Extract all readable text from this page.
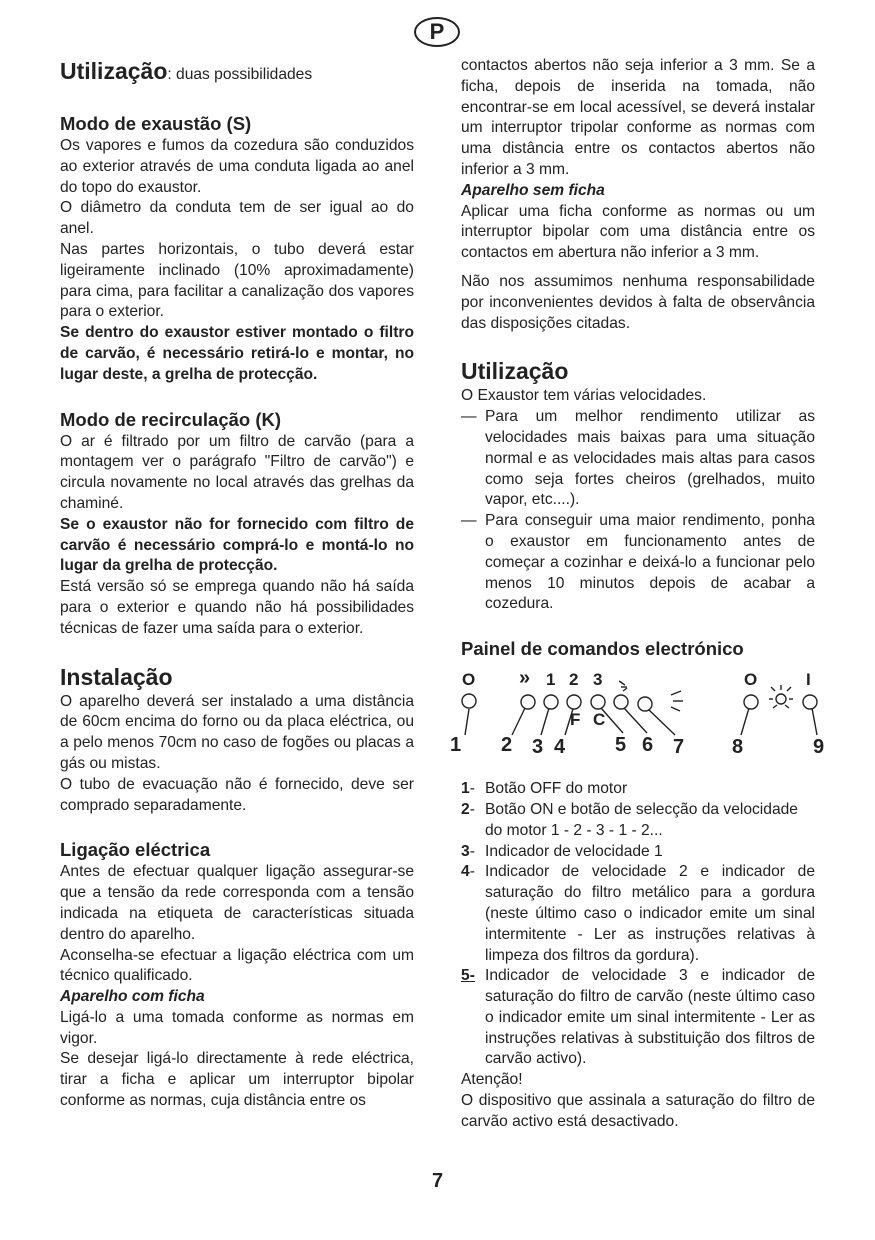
P
Utilização: duas possibilidades
Modo de exaustão (S)

Os vapores e fumos da cozedura são conduzidos ao exterior através de uma conduta ligada ao anel do topo do exaustor.

O diâmetro da conduta tem de ser igual ao do anel.

Nas partes horizontais, o tubo deverá estar ligeiramente inclinado (10% aproximadamente) para cima, para facilitar a canalização dos vapores para o exterior.

Se dentro do exaustor estiver montado o filtro de carvão, é necessário retirá-lo e montar, no lugar deste, a grelha de protecção.

Modo de recirculação (K)

O ar é filtrado por um filtro de carvão (para a montagem ver o parágrafo "Filtro de carvão") e circula novamente no local através das grelhas da chaminé.

Se o exaustor não for fornecido com filtro de carvão é necessário comprá-lo e montá-lo no lugar da grelha de protecção.

Está versão só se emprega quando não há saída para o exterior e quando não há possibilidades técnicas de fazer uma saída para o exterior.

Instalação

O aparelho deverá ser instalado a uma distância de 60cm encima do forno ou da placa eléctrica, ou a pelo menos 70cm no caso de fogões ou placas a gás ou mistas.

O tubo de evacuação não é fornecido, deve ser comprado separadamente.

Ligação eléctrica

Antes de efectuar qualquer ligação assegurar-se que a tensão da rede corresponda com a tensão indicada na etiqueta de características situada dentro do aparelho.

Aconselha-se efectuar a ligação eléctrica com um técnico qualificado.

Aparelho com ficha

Ligá-lo a uma tomada conforme as normas em vigor.

Se desejar ligá-lo directamente à rede eléctrica, tirar a ficha e aplicar um interruptor bipolar conforme as normas, cuja distância entre os

contactos abertos não seja inferior a 3 mm. Se a ficha, depois de inserida na tomada, não encontrar-se em local acessível, se deverá instalar um interruptor tripolar conforme as normas com uma distância entre os contactos abertos não inferior a 3 mm.

Aparelho sem ficha

Aplicar uma ficha conforme as normas ou um interruptor bipolar com uma distância entre os contactos em abertura não inferior a 3 mm.

Não nos assumimos nenhuma responsabilidade por inconvenientes devidos à falta de observância das disposições citadas.

Utilização

O Exaustor tem várias velocidades.

— Para um melhor rendimento utilizar as velocidades mais baixas para uma situação normal e as velocidades mais altas para casos como seja fortes cheiros (grelhados, muito vapor, etc....).

— Para conseguir uma maior rendimento, ponha o exaustor em funcionamento antes de começar a cozinhar e deixá-lo a funcionar pelo menos 10 minutos depois de acabar a cozedura.

Painel de comandos electrónico
O » 1 2 3
F C
O	I
1 2 3 4 5 6 7 8	9
1- Botão OFF do motor

2- Botão ON e botão de selecção da velocidade do motor 1 - 2 - 3 - 1 - 2...

3- Indicador de velocidade 1

4- Indicador de velocidade 2 e indicador de saturação do filtro metálico para a gordura (neste último caso o indicador emite um sinal intermitente - Ler as instruções relativas à limpeza dos filtros da gordura).

5- Indicador de velocidade 3 e indicador de saturação do filtro de carvão (neste último caso o indicador emite um sinal intermitente - Ler as instruções relativas à substituição dos filtros de carvão activo).

Atenção!

O dispositivo que assinala a saturação do filtro de carvão activo está desactivado.

7
